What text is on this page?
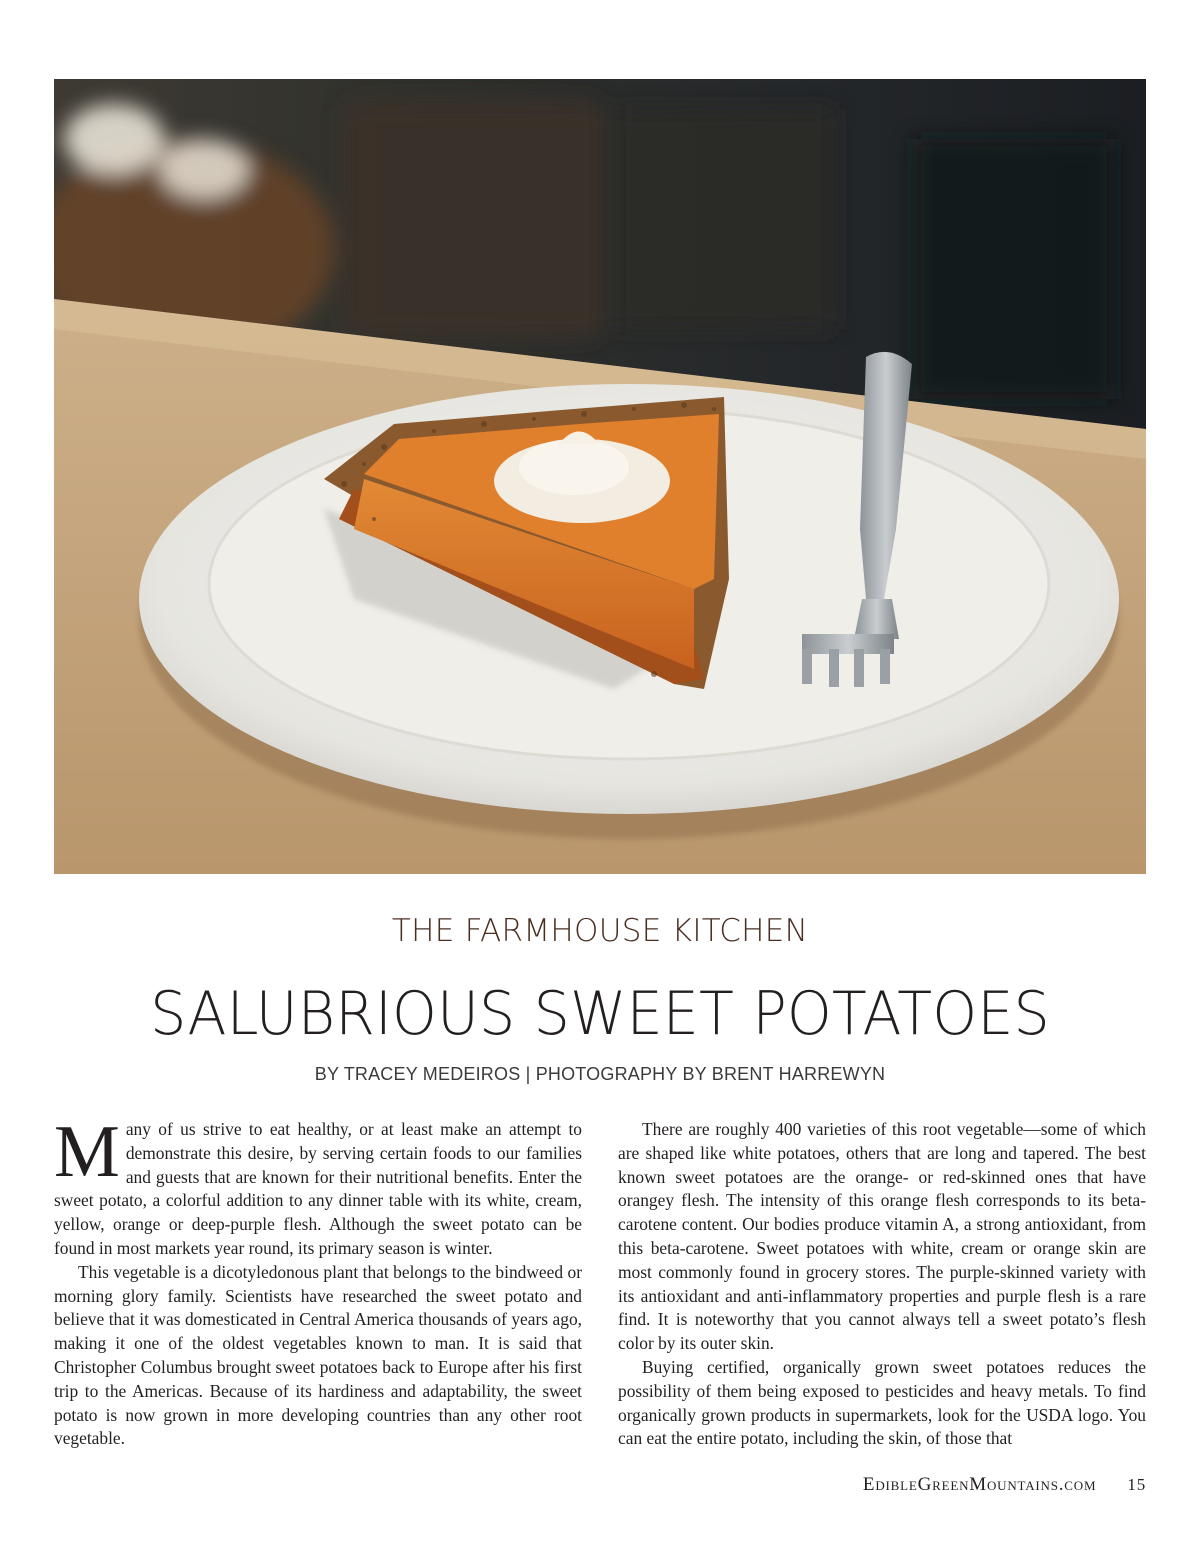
THE FARMHOUSE KITCHEN
SALUBRIOUS SWEET POTATOES
BY TRACEY MEDEIROS | PHOTOGRAPHY BY BRENT HARREWYN

Many of us strive to eat healthy, or at least make an attempt to demonstrate this desire, by serving certain foods to our families and guests that are known for their nutritional benefits. Enter the sweet potato, a colorful addition to any dinner table with its white, cream, yellow, orange or deep-purple flesh. Although the sweet potato can be found in most markets year round, its primary season is winter.

This vegetable is a dicotyledonous plant that belongs to the bindweed or morning glory family. Scientists have researched the sweet potato and believe that it was domesticated in Central America thousands of years ago, making it one of the oldest vegetables known to man. It is said that Christopher Columbus brought sweet potatoes back to Europe after his first trip to the Americas. Because of its hardiness and adaptability, the sweet potato is now grown in more developing countries than any other root vegetable.

There are roughly 400 varieties of this root vegetable—some of which are shaped like white potatoes, others that are long and tapered. The best known sweet potatoes are the orange- or red-skinned ones that have orangey flesh. The intensity of this orange flesh corresponds to its beta-carotene content. Our bodies produce vitamin A, a strong antioxidant, from this beta-carotene. Sweet potatoes with white, cream or orange skin are most commonly found in grocery stores. The purple-skinned variety with its antioxidant and anti-inflammatory properties and purple flesh is a rare find. It is noteworthy that you cannot always tell a sweet potato’s flesh color by its outer skin.

Buying certified, organically grown sweet potatoes reduces the possibility of them being exposed to pesticides and heavy metals. To find organically grown products in supermarkets, look for the USDA logo. You can eat the entire potato, including the skin, of those that

EdibleGreenMountains.com 15
